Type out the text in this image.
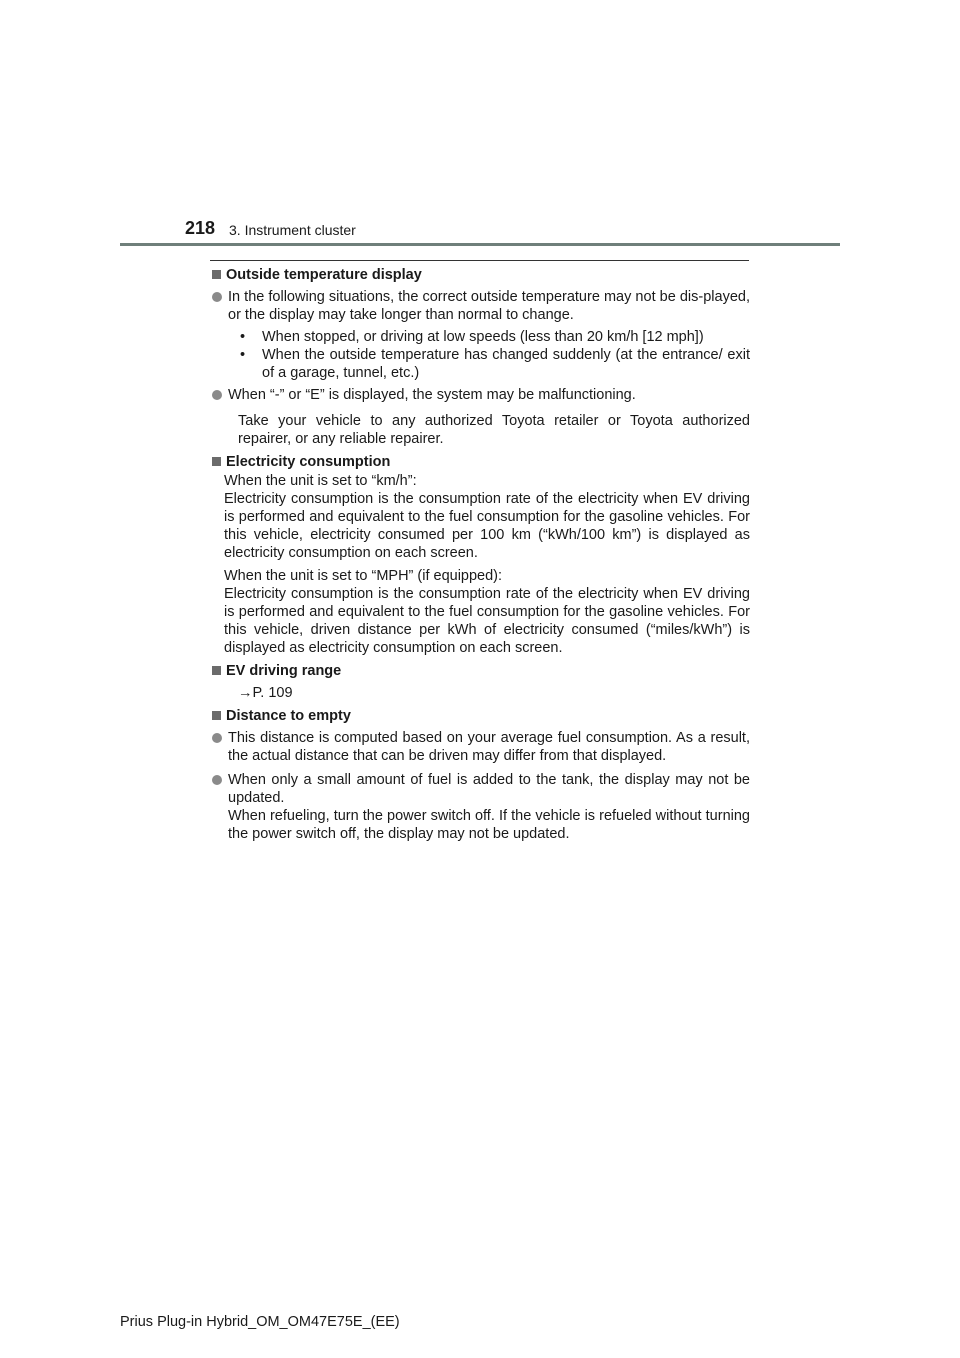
218 3. Instrument cluster
Outside temperature display
In the following situations, the correct outside temperature may not be dis-played, or the display may take longer than normal to change.
•	When stopped, or driving at low speeds (less than 20 km/h [12 mph])
•	When the outside temperature has changed suddenly (at the entrance/ exit of a garage, tunnel, etc.)
When “-” or “E” is displayed, the system may be malfunctioning.
Take your vehicle to any authorized Toyota retailer or Toyota authorized repairer, or any reliable repairer.
Electricity consumption
When the unit is set to “km/h”:
Electricity consumption is the consumption rate of the electricity when EV driving is performed and equivalent to the fuel consumption for the gasoline vehicles. For this vehicle, electricity consumed per 100 km (“kWh/100 km”) is displayed as electricity consumption on each screen.
When the unit is set to “MPH” (if equipped):
Electricity consumption is the consumption rate of the electricity when EV driving is performed and equivalent to the fuel consumption for the gasoline vehicles. For this vehicle, driven distance per kWh of electricity consumed (“miles/kWh”) is displayed as electricity consumption on each screen.
EV driving range
→P. 109
Distance to empty
This distance is computed based on your average fuel consumption. As a result, the actual distance that can be driven may differ from that displayed.
When only a small amount of fuel is added to the tank, the display may not be updated.
When refueling, turn the power switch off. If the vehicle is refueled without turning the power switch off, the display may not be updated.
Prius Plug-in Hybrid_OM_OM47E75E_(EE)
